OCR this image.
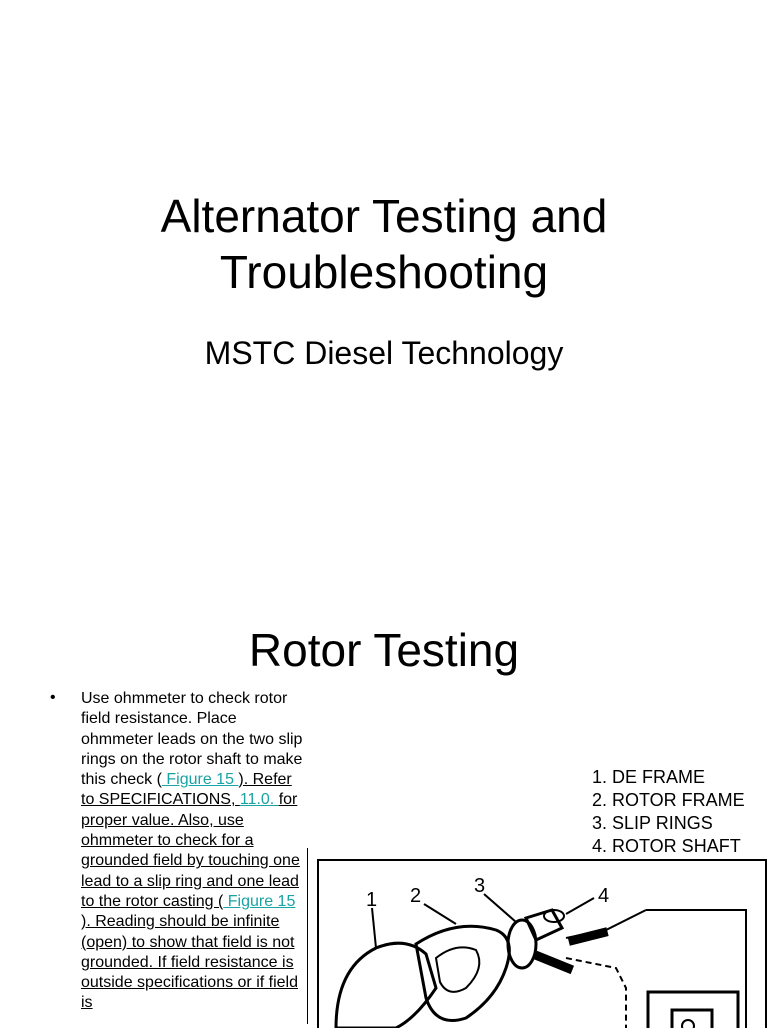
Alternator Testing and
Troubleshooting
MSTC Diesel Technology
Rotor Testing
• Use ohmmeter to check rotor field resistance. Place ohmmeter leads on the two slip rings on the rotor shaft to make this check ( Figure 15 ). Refer to SPECIFICATIONS, 11.0. for proper value. Also, use ohmmeter to check for a grounded field by touching one lead to a slip ring and one lead to the rotor casting ( Figure 15 ). Reading should be infinite (open) to show that field is not grounded. If field resistance is outside specifications or if field is
1. DE FRAME
2. ROTOR FRAME
3. SLIP RINGS
4. ROTOR SHAFT
1 2	3	4
